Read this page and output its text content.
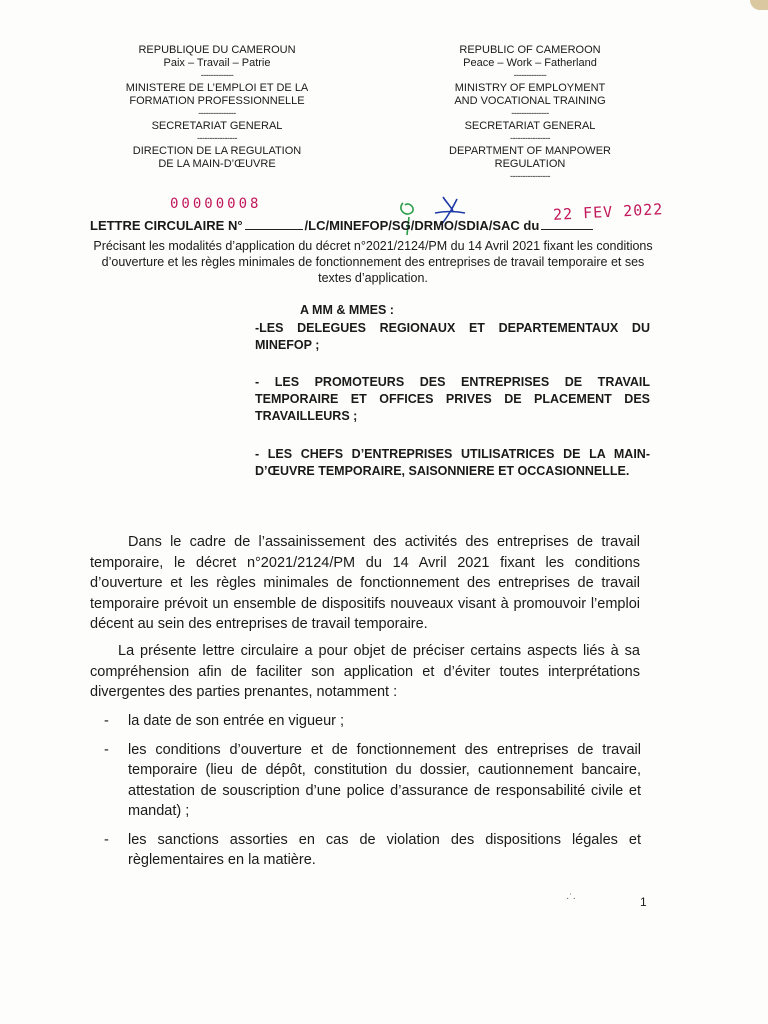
REPUBLIQUE DU CAMEROUN
Paix – Travail – Patrie
-------------
MINISTERE DE L’EMPLOI ET DE LA
FORMATION PROFESSIONNELLE
---------------
SECRETARIAT GENERAL
----------------
DIRECTION DE LA REGULATION
DE LA MAIN-D’ŒUVRE
REPUBLIC OF CAMEROON
Peace – Work – Fatherland
-------------
MINISTRY OF EMPLOYMENT
AND VOCATIONAL TRAINING
---------------
SECRETARIAT GENERAL
----------------
DEPARTMENT OF MANPOWER
REGULATION
----------------
00000008	22 FEV 2022
LETTRE CIRCULAIRE N°	/LC/MINEFOP/SG/DRMO/SDIA/SAC du
Précisant les modalités d’application du décret n°2021/2124/PM du 14 Avril 2021 fixant les conditions d’ouverture et les règles minimales de fonctionnement des entreprises de travail temporaire et ses textes d’application.
A MM & MMES :
-LES DELEGUES REGIONAUX ET DEPARTEMENTAUX DU MINEFOP ;
- LES PROMOTEURS DES ENTREPRISES DE TRAVAIL TEMPORAIRE ET OFFICES PRIVES DE PLACEMENT DES TRAVAILLEURS ;
- LES CHEFS D’ENTREPRISES UTILISATRICES DE LA MAIN-D’ŒUVRE TEMPORAIRE, SAISONNIERE ET OCCASIONNELLE.
Dans le cadre de l’assainissement des activités des entreprises de travail temporaire, le décret n°2021/2124/PM du 14 Avril 2021 fixant les conditions d’ouverture et les règles minimales de fonctionnement des entreprises de travail temporaire prévoit un ensemble de dispositifs nouveaux visant à promouvoir l’emploi décent au sein des entreprises de travail temporaire.
La présente lettre circulaire a pour objet de préciser certains aspects liés à sa compréhension afin de faciliter son application et d’éviter toutes interprétations divergentes des parties prenantes, notamment :
- la date de son entrée en vigueur ;
- les conditions d’ouverture et de fonctionnement des entreprises de travail temporaire (lieu de dépôt, constitution du dossier, cautionnement bancaire, attestation de souscription d’une police d’assurance de responsabilité civile et mandat) ;
- les sanctions assorties en cas de violation des dispositions légales et règlementaires en la matière.
·˙·	1
